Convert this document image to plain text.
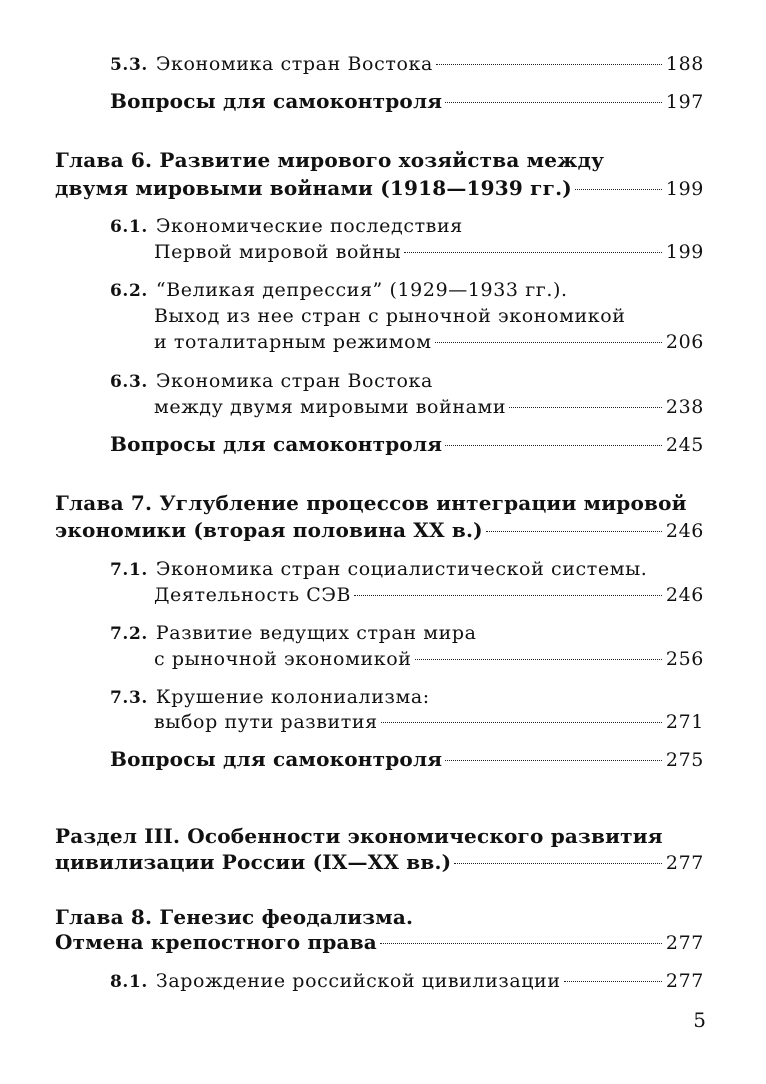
5.3. Экономика стран Востока	188
Вопросы для самоконтроля	197
Глава 6. Развитие мирового хозяйства между
двумя мировыми войнами (1918—1939 гг.)	199
6.1. Экономические последствия
Первой мировой войны	199
6.2. “Великая депрессия” (1929—1933 гг.).
Выход из нее стран с рыночной экономикой
и тоталитарным режимом	206
6.3. Экономика стран Востока
между двумя мировыми войнами	238
Вопросы для самоконтроля	245
Глава 7. Углубление процессов интеграции мировой
экономики (вторая половина XX в.)	246
7.1. Экономика стран социалистической системы.
Деятельность СЭВ	246
7.2. Развитие ведущих стран мира
с рыночной экономикой	256
7.3. Крушение колониализма:
выбор пути развития	271
Вопросы для самоконтроля	275
Раздел III. Особенности экономического развития
цивилизации России (IX—XX вв.)	277
Глава 8. Генезис феодализма.
Отмена крепостного права	277
8.1. Зарождение российской цивилизации	277
5
